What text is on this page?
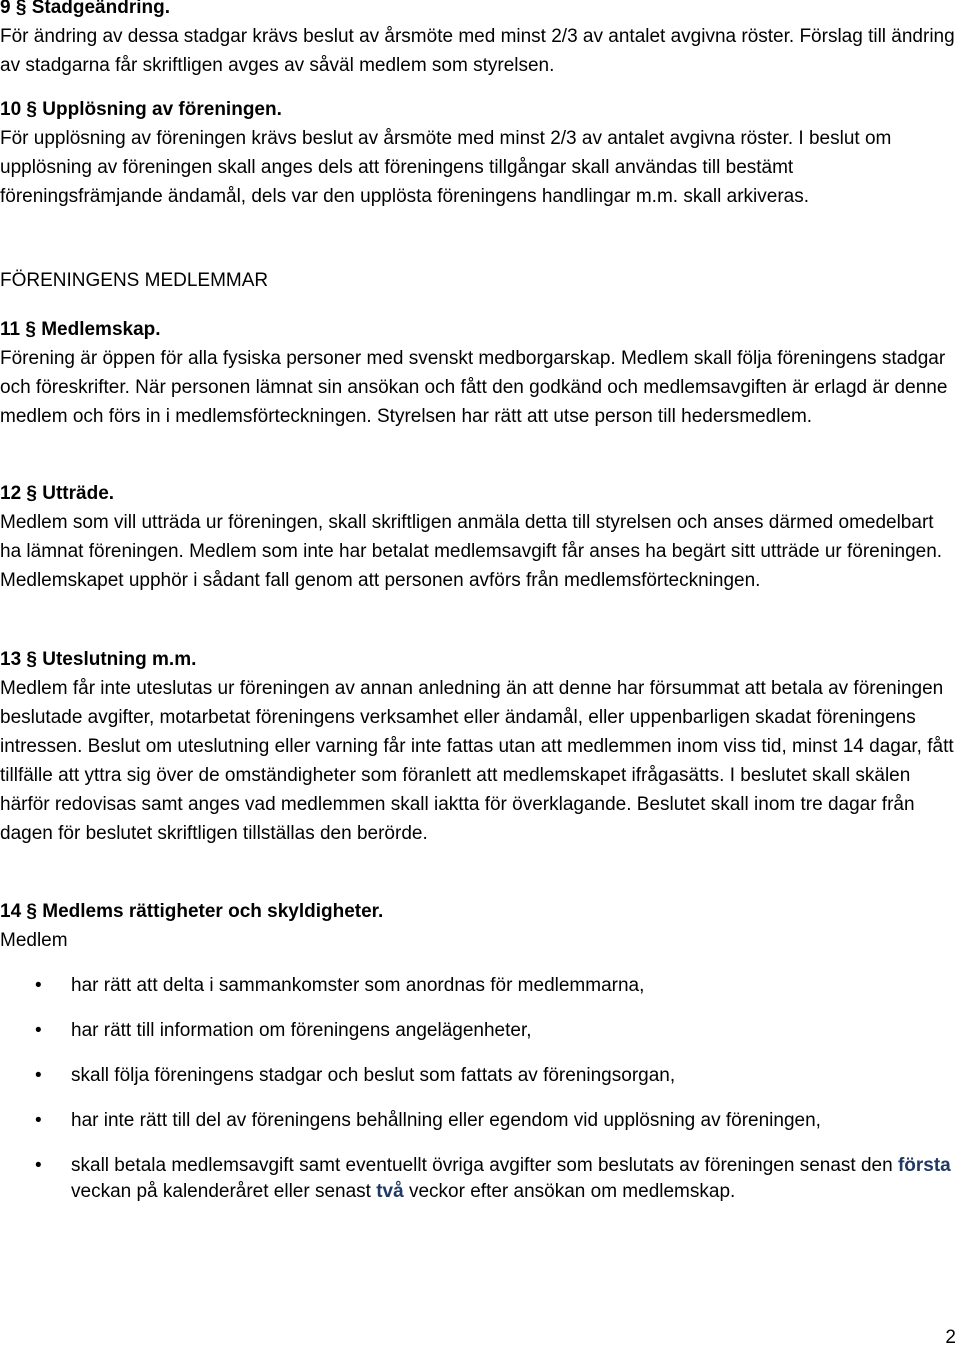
9 § Stadgeändring.

För ändring av dessa stadgar krävs beslut av årsmöte med minst 2/3 av antalet avgivna röster. Förslag till ändring av stadgarna får skriftligen avges av såväl medlem som styrelsen.

10 § Upplösning av föreningen.

För upplösning av föreningen krävs beslut av årsmöte med minst 2/3 av antalet avgivna röster. I beslut om upplösning av föreningen skall anges dels att föreningens tillgångar skall användas till bestämt föreningsfrämjande ändamål, dels var den upplösta föreningens handlingar m.m. skall arkiveras.

FÖRENINGENS MEDLEMMAR

11 § Medlemskap.

Förening är öppen för alla fysiska personer med svenskt medborgarskap. Medlem skall följa föreningens stadgar och föreskrifter. När personen lämnat sin ansökan och fått den godkänd och medlemsavgiften är erlagd är denne medlem och förs in i medlemsförteckningen. Styrelsen har rätt att utse person till hedersmedlem.

12 § Utträde.

Medlem som vill utträda ur föreningen, skall skriftligen anmäla detta till styrelsen och anses därmed omedelbart ha lämnat föreningen. Medlem som inte har betalat medlemsavgift får anses ha begärt sitt utträde ur föreningen. Medlemskapet upphör i sådant fall genom att personen avförs från medlemsförteckningen.

13 § Uteslutning m.m.

Medlem får inte uteslutas ur föreningen av annan anledning än att denne har försummat att betala av föreningen beslutade avgifter, motarbetat föreningens verksamhet eller ändamål, eller uppenbarligen skadat föreningens intressen. Beslut om uteslutning eller varning får inte fattas utan att medlemmen inom viss tid, minst 14 dagar, fått tillfälle att yttra sig över de omständigheter som föranlett att medlemskapet ifrågasätts. I beslutet skall skälen härför redovisas samt anges vad medlemmen skall iaktta för överklagande. Beslutet skall inom tre dagar från dagen för beslutet skriftligen tillställas den berörde.

14 § Medlems rättigheter och skyldigheter.

Medlem

• har rätt att delta i sammankomster som anordnas för medlemmarna,
• har rätt till information om föreningens angelägenheter,
• skall följa föreningens stadgar och beslut som fattats av föreningsorgan,
• har inte rätt till del av föreningens behållning eller egendom vid upplösning av föreningen,
• skall betala medlemsavgift samt eventuellt övriga avgifter som beslutats av föreningen senast den första veckan på kalenderåret eller senast två veckor efter ansökan om medlemskap.
2
